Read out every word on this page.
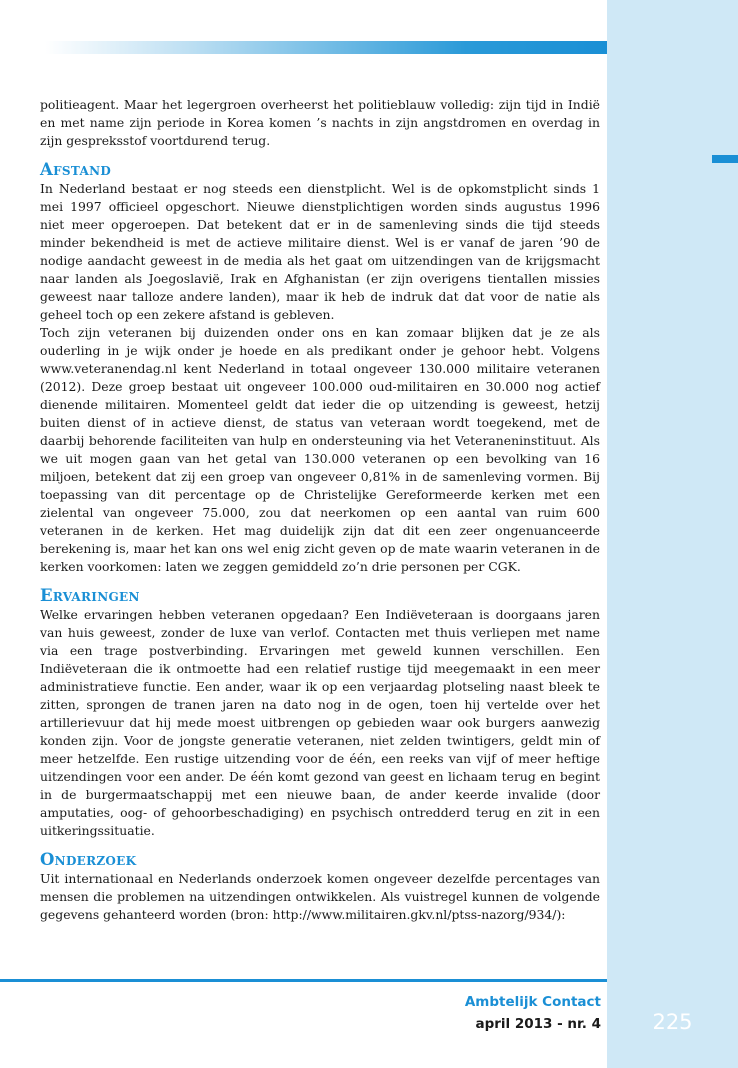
politieagent. Maar het legergroen overheerst het politieblauw volledig: zijn tijd in Indië en met name zijn periode in Korea komen ’s nachts in zijn angstdromen en overdag in zijn gespreksstof voortdurend terug.

Afstand

In Nederland bestaat er nog steeds een dienstplicht. Wel is de opkomstplicht sinds 1 mei 1997 officieel opgeschort. Nieuwe dienstplichtigen worden sinds augustus 1996 niet meer opgeroepen. Dat betekent dat er in de samenleving sinds die tijd steeds minder bekendheid is met de actieve militaire dienst. Wel is er vanaf de jaren ’90 de nodige aandacht geweest in de media als het gaat om uitzendingen van de krijgsmacht naar landen als Joegoslavië, Irak en Afghanistan (er zijn overigens tientallen missies geweest naar talloze andere landen), maar ik heb de indruk dat dat voor de natie als geheel toch op een zekere afstand is gebleven.

Toch zijn veteranen bij duizenden onder ons en kan zomaar blijken dat je ze als ouderling in je wijk onder je hoede en als predikant onder je gehoor hebt. Volgens www.veteranendag.nl kent Nederland in totaal ongeveer 130.000 militaire veteranen (2012). Deze groep bestaat uit ongeveer 100.000 oud-militairen en 30.000 nog actief dienende militairen. Momenteel geldt dat ieder die op uitzending is geweest, hetzij buiten dienst of in actieve dienst, de status van veteraan wordt toegekend, met de daarbij behorende faciliteiten van hulp en ondersteuning via het Veteraneninstituut. Als we uit mogen gaan van het getal van 130.000 veteranen op een bevolking van 16 miljoen, betekent dat zij een groep van ongeveer 0,81% in de samenleving vormen. Bij toepassing van dit percentage op de Christelijke Gereformeerde kerken met een zielental van ongeveer 75.000, zou dat neerkomen op een aantal van ruim 600 veteranen in de kerken. Het mag duidelijk zijn dat dit een zeer ongenuanceerde berekening is, maar het kan ons wel enig zicht geven op de mate waarin veteranen in de kerken voorkomen: laten we zeggen gemiddeld zo’n drie personen per CGK.

Ervaringen

Welke ervaringen hebben veteranen opgedaan? Een Indiëveteraan is doorgaans jaren van huis geweest, zonder de luxe van verlof. Contacten met thuis verliepen met name via een trage postverbinding. Ervaringen met geweld kunnen verschillen. Een Indiëveteraan die ik ontmoette had een relatief rustige tijd meegemaakt in een meer administratieve functie. Een ander, waar ik op een verjaardag plotseling naast bleek te zitten, sprongen de tranen jaren na dato nog in de ogen, toen hij vertelde over het artillerievuur dat hij mede moest uitbrengen op gebieden waar ook burgers aanwezig konden zijn. Voor de jongste generatie veteranen, niet zelden twintigers, geldt min of meer hetzelfde. Een rustige uitzending voor de één, een reeks van vijf of meer heftige uitzendingen voor een ander. De één komt gezond van geest en lichaam terug en begint in de burgermaatschappij met een nieuwe baan, de ander keerde invalide (door amputaties, oog- of gehoorbeschadiging) en psychisch ontredderd terug en zit in een uitkeringssituatie.

Onderzoek

Uit internationaal en Nederlands onderzoek komen ongeveer dezelfde percentages van mensen die problemen na uitzendingen ontwikkelen. Als vuistregel kunnen de volgende gegevens gehanteerd worden (bron: http://www.militairen.gkv.nl/ptss-nazorg/934/):

Ambtelijk Contact
april 2013 - nr. 4	225
